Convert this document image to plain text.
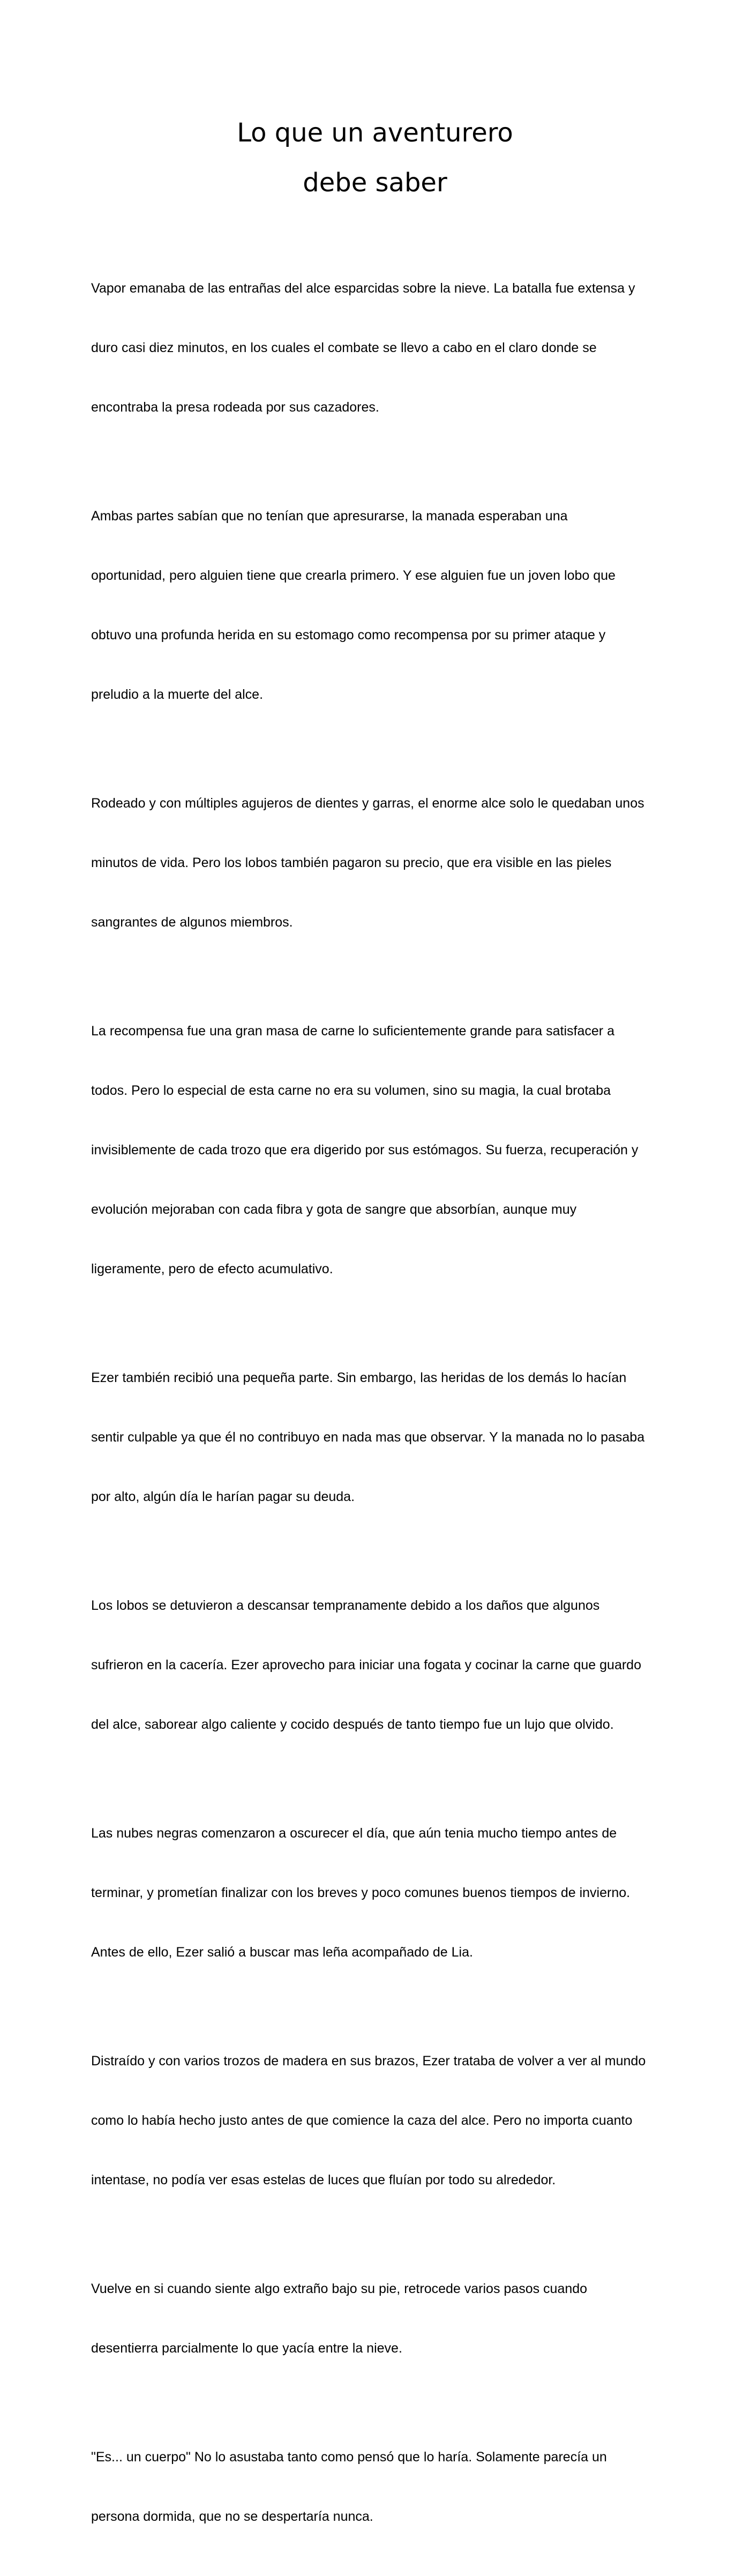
Lo que un aventurero
debe saber

Vapor emanaba de las entrañas del alce esparcidas sobre la nieve. La batalla fue extensa y

duro casi diez minutos, en los cuales el combate se llevo a cabo en el claro donde se

encontraba la presa rodeada por sus cazadores.

Ambas partes sabían que no tenían que apresurarse, la manada esperaban una

oportunidad, pero alguien tiene que crearla primero. Y ese alguien fue un joven lobo que

obtuvo una profunda herida en su estomago como recompensa por su primer ataque y

preludio a la muerte del alce.

Rodeado y con múltiples agujeros de dientes y garras, el enorme alce solo le quedaban unos

minutos de vida. Pero los lobos también pagaron su precio, que era visible en las pieles

sangrantes de algunos miembros.

La recompensa fue una gran masa de carne lo suficientemente grande para satisfacer a

todos. Pero lo especial de esta carne no era su volumen, sino su magia, la cual brotaba

invisiblemente de cada trozo que era digerido por sus estómagos. Su fuerza, recuperación y

evolución mejoraban con cada fibra y gota de sangre que absorbían, aunque muy

ligeramente, pero de efecto acumulativo.

Ezer también recibió una pequeña parte. Sin embargo, las heridas de los demás lo hacían

sentir culpable ya que él no contribuyo en nada mas que observar. Y la manada no lo pasaba

por alto, algún día le harían pagar su deuda.

Los lobos se detuvieron a descansar tempranamente debido a los daños que algunos

sufrieron en la cacería. Ezer aprovecho para iniciar una fogata y cocinar la carne que guardo

del alce, saborear algo caliente y cocido después de tanto tiempo fue un lujo que olvido.

Las nubes negras comenzaron a oscurecer el día, que aún tenia mucho tiempo antes de

terminar, y prometían finalizar con los breves y poco comunes buenos tiempos de invierno.

Antes de ello, Ezer salió a buscar mas leña acompañado de Lia.

Distraído y con varios trozos de madera en sus brazos, Ezer trataba de volver a ver al mundo

como lo había hecho justo antes de que comience la caza del alce. Pero no importa cuanto

intentase, no podía ver esas estelas de luces que fluían por todo su alrededor.

Vuelve en si cuando siente algo extraño bajo su pie, retrocede varios pasos cuando

desentierra parcialmente lo que yacía entre la nieve.

"Es... un cuerpo" No lo asustaba tanto como pensó que lo haría. Solamente parecía un

persona dormida, que no se despertaría nunca.
